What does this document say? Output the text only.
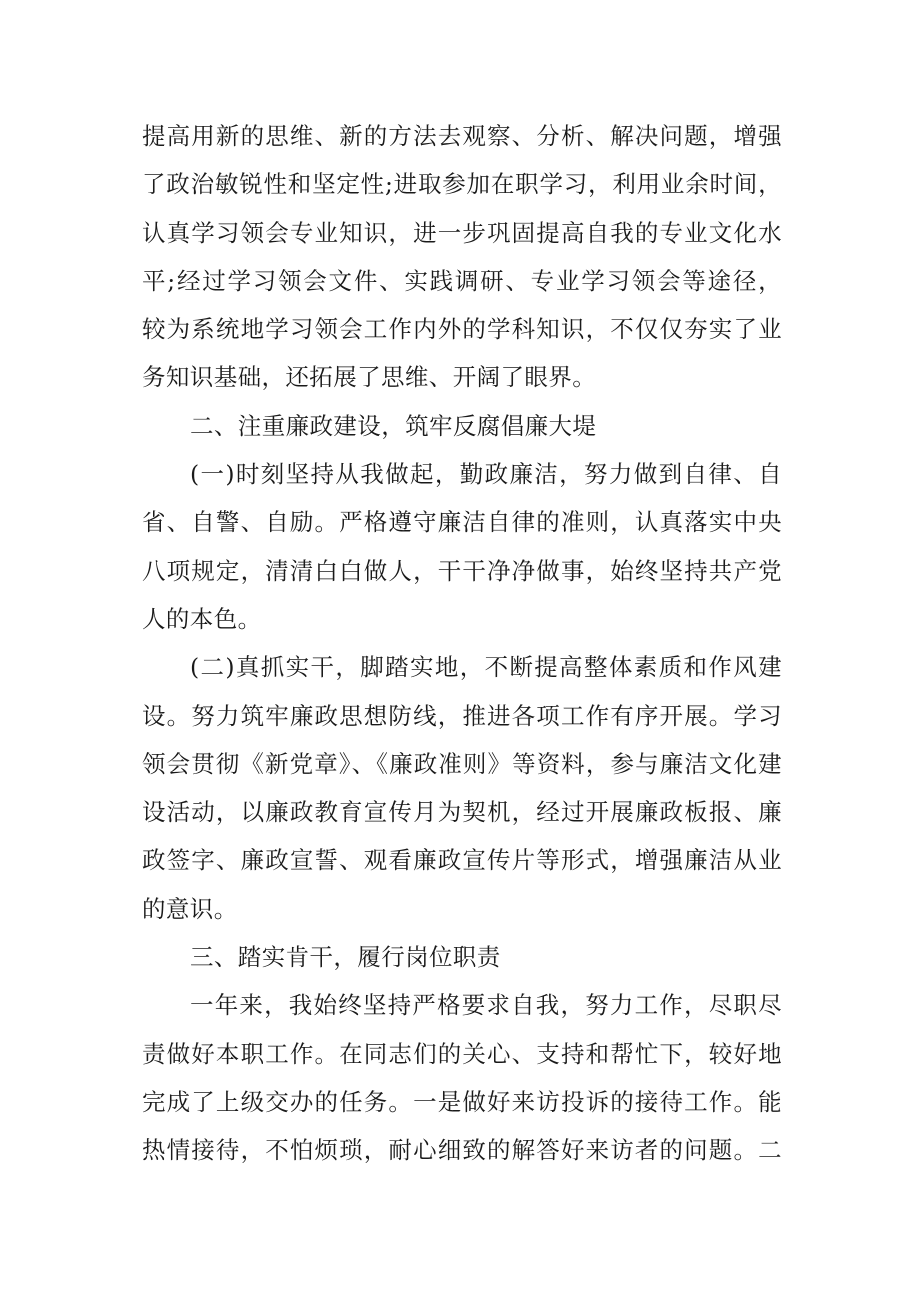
提高用新的思维、新的方法去观察、分析、解决问题，增强
了政治敏锐性和坚定性;进取参加在职学习，利用业余时间，
认真学习领会专业知识，进一步巩固提高自我的专业文化水
平;经过学习领会文件、实践调研、专业学习领会等途径，
较为系统地学习领会工作内外的学科知识，不仅仅夯实了业
务知识基础，还拓展了思维、开阔了眼界。
二、注重廉政建设，筑牢反腐倡廉大堤
(一)时刻坚持从我做起，勤政廉洁，努力做到自律、自
省、自警、自励。严格遵守廉洁自律的准则，认真落实中央
八项规定，清清白白做人，干干净净做事，始终坚持共产党
人的本色。
(二)真抓实干，脚踏实地，不断提高整体素质和作风建
设。努力筑牢廉政思想防线，推进各项工作有序开展。学习
领会贯彻《新党章》、《廉政准则》等资料，参与廉洁文化建
设活动，以廉政教育宣传月为契机，经过开展廉政板报、廉
政签字、廉政宣誓、观看廉政宣传片等形式，增强廉洁从业
的意识。
三、踏实肯干，履行岗位职责
一年来，我始终坚持严格要求自我，努力工作，尽职尽
责做好本职工作。在同志们的关心、支持和帮忙下，较好地
完成了上级交办的任务。一是做好来访投诉的接待工作。能
热情接待，不怕烦琐，耐心细致的解答好来访者的问题。二
